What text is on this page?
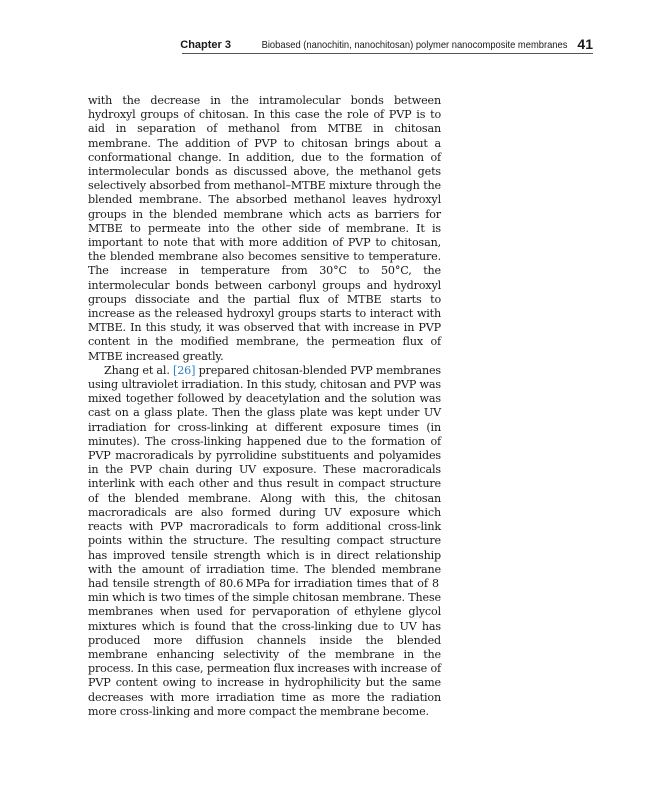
Chapter 3	Biobased (nanochitin, nanochitosan) polymer nanocomposite membranes 41

with the decrease in the intramolecular bonds between hydroxyl groups of chitosan. In this case the role of PVP is to aid in separation of methanol from MTBE in chitosan membrane. The addition of PVP to chitosan brings about a conformational change. In addition, due to the formation of intermolecular bonds as discussed above, the methanol gets selectively absorbed from methanol–MTBE mixture through the blended membrane. The absorbed methanol leaves hydroxyl groups in the blended membrane which acts as barriers for MTBE to permeate into the other side of membrane. It is important to note that with more addition of PVP to chitosan, the blended membrane also becomes sensitive to temperature. The increase in temperature from 30°C to 50°C, the intermolecular bonds between carbonyl groups and hydroxyl groups dissociate and the partial flux of MTBE starts to increase as the released hydroxyl groups starts to interact with MTBE. In this study, it was observed that with increase in PVP content in the modified membrane, the permeation flux of MTBE increased greatly.

Zhang et al. [26] prepared chitosan-blended PVP membranes using ultraviolet irradiation. In this study, chitosan and PVP was mixed together followed by deacetylation and the solution was cast on a glass plate. Then the glass plate was kept under UV irradiation for cross-linking at different exposure times (in minutes). The cross-linking happened due to the formation of PVP macroradicals by pyrrolidine substituents and polyamides in the PVP chain during UV exposure. These macroradicals interlink with each other and thus result in compact structure of the blended membrane. Along with this, the chitosan macroradicals are also formed during UV exposure which reacts with PVP macroradicals to form additional cross-link points within the structure. The resulting compact structure has improved tensile strength which is in direct relationship with the amount of irradiation time. The blended membrane had tensile strength of 80.6 MPa for irradiation times that of 8 min which is two times of the simple chitosan membrane. These membranes when used for pervaporation of ethylene glycol mixtures which is found that the cross-linking due to UV has produced more diffusion channels inside the blended membrane enhancing selectivity of the membrane in the process. In this case, permeation flux increases with increase of PVP content owing to increase in hydrophilicity but the same decreases with more irradiation time as more the radiation more cross-linking and more compact the membrane become.
